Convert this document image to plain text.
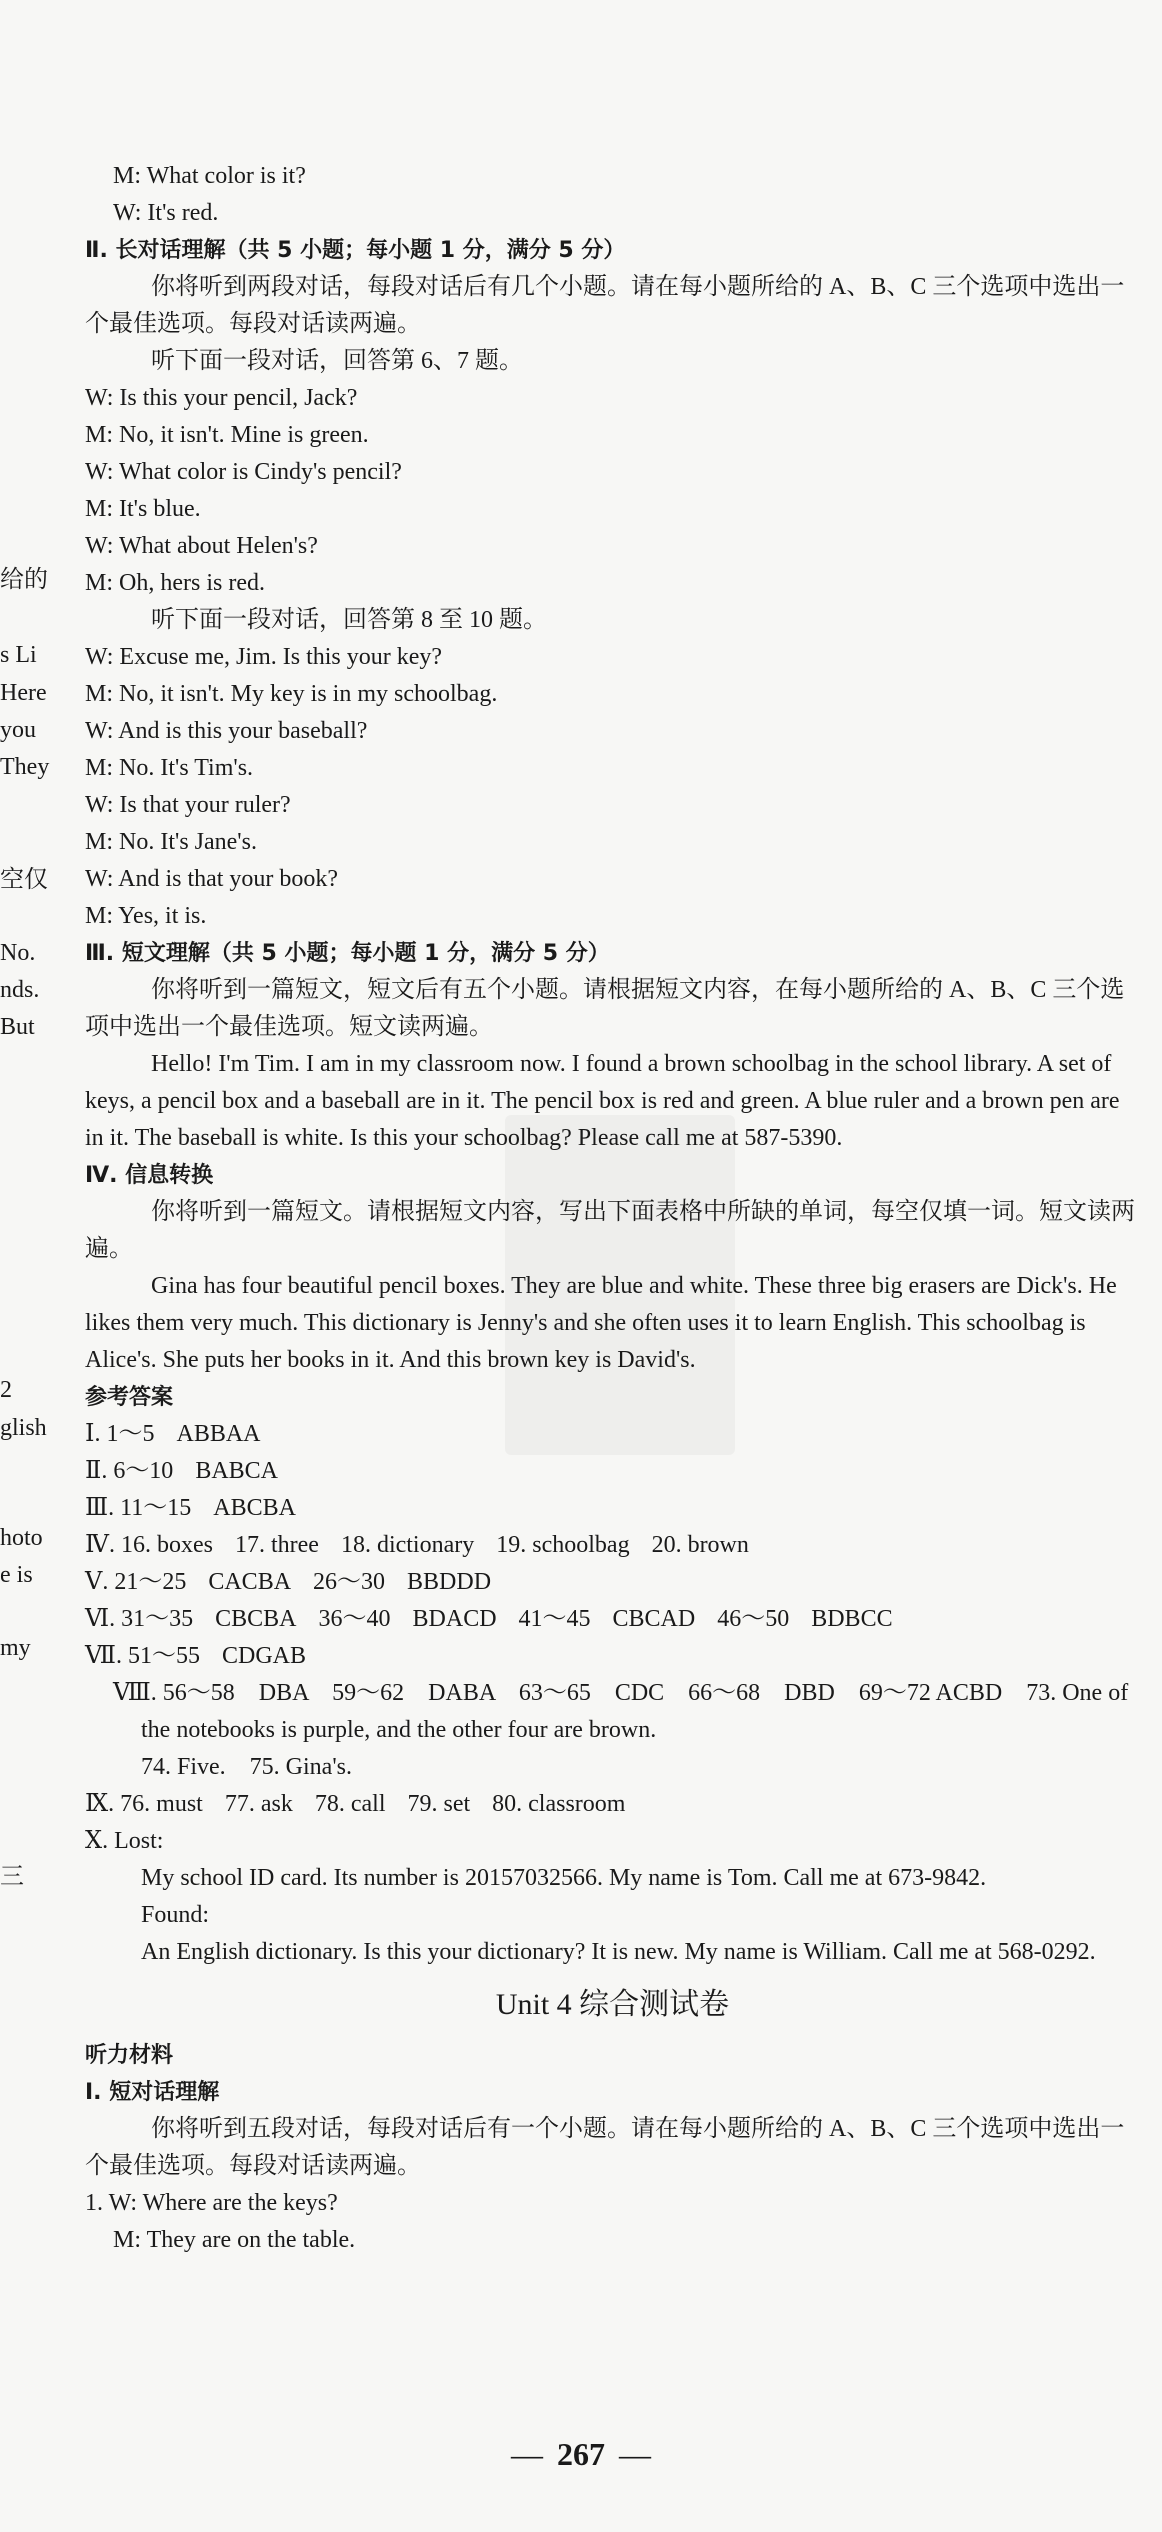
给的
s Li
Here
you
They
空仅
No.
nds.
But
2
glish
hoto
e is
my
三
M: What color is it?
W: It's red.
Ⅱ. 长对话理解（共 5 小题；每小题 1 分，满分 5 分）
你将听到两段对话，每段对话后有几个小题。请在每小题所给的 A、B、C 三个选项中选出一个最佳选项。每段对话读两遍。
听下面一段对话，回答第 6、7 题。
W: Is this your pencil, Jack?
M: No, it isn't. Mine is green.
W: What color is Cindy's pencil?
M: It's blue.
W: What about Helen's?
M: Oh, hers is red.
听下面一段对话，回答第 8 至 10 题。
W: Excuse me, Jim. Is this your key?
M: No, it isn't. My key is in my schoolbag.
W: And is this your baseball?
M: No. It's Tim's.
W: Is that your ruler?
M: No. It's Jane's.
W: And is that your book?
M: Yes, it is.
Ⅲ. 短文理解（共 5 小题；每小题 1 分，满分 5 分）
你将听到一篇短文，短文后有五个小题。请根据短文内容，在每小题所给的 A、B、C 三个选项中选出一个最佳选项。短文读两遍。
Hello! I'm Tim. I am in my classroom now. I found a brown schoolbag in the school library. A set of keys, a pencil box and a baseball are in it. The pencil box is red and green. A blue ruler and a brown pen are in it. The baseball is white. Is this your schoolbag? Please call me at 587-5390.
Ⅳ. 信息转换
你将听到一篇短文。请根据短文内容，写出下面表格中所缺的单词，每空仅填一词。短文读两遍。
Gina has four beautiful pencil boxes. They are blue and white. These three big erasers are Dick's. He likes them very much. This dictionary is Jenny's and she often uses it to learn English. This schoolbag is Alice's. She puts her books in it. And this brown key is David's.
参考答案
Ⅰ. 1～5 ABBAA
Ⅱ. 6～10 BABCA
Ⅲ. 11～15 ABCBA
Ⅳ. 16. boxes 17. three 18. dictionary 19. schoolbag 20. brown
Ⅴ. 21～25 CACBA 26～30 BBDDD
Ⅵ. 31～35 CBCBA 36～40 BDACD 41～45 CBCAD 46～50 BDBCC
Ⅶ. 51～55 CDGAB
Ⅷ. 56～58　DBA　59～62　DABA　63～65　CDC　66～68　DBD　69～72 ACBD　73. One of the notebooks is purple, and the other four are brown.
74. Five.　75. Gina's.
Ⅸ. 76. must 77. ask 78. call 79. set 80. classroom
Ⅹ. Lost:
My school ID card. Its number is 20157032566. My name is Tom. Call me at 673-9842.
Found:
An English dictionary. Is this your dictionary? It is new. My name is William. Call me at 568-0292.
Unit 4 综合测试卷
听力材料
Ⅰ. 短对话理解
你将听到五段对话，每段对话后有一个小题。请在每小题所给的 A、B、C 三个选项中选出一个最佳选项。每段对话读两遍。
1. W: Where are the keys?
M: They are on the table.
— 267 —
